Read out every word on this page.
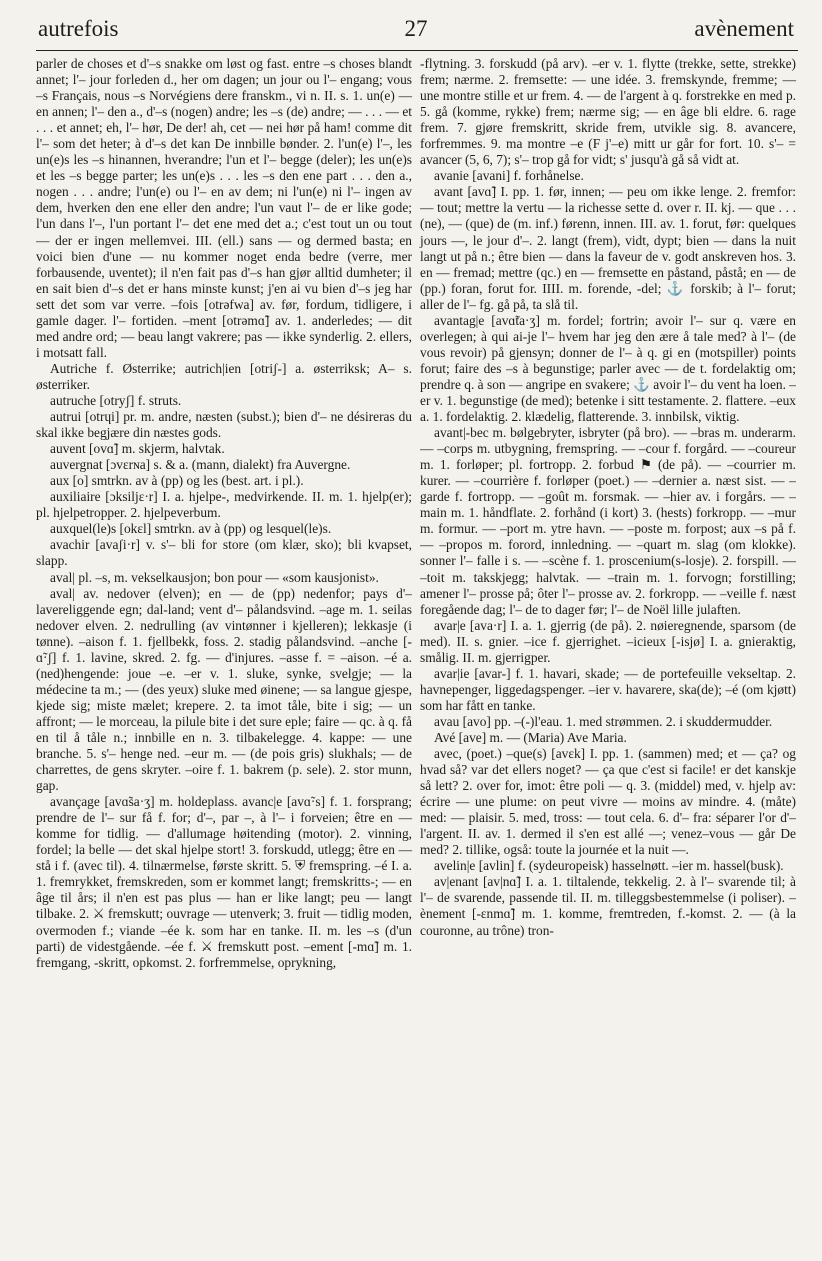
autrefois	27	avènement

parler de choses et d'–s snakke om løst og fast. entre –s choses blandt annet; l'– jour forleden d., her om dagen; un jour ou l'– engang; vous –s Français, nous –s Norvégiens dere franskm., vi n. II. s. 1. un(e) — en annen; l'– den a., d'–s (nogen) andre; les –s (de) andre; — . . . — et . . . et annet; eh, l'– hør, De der! ah, cet — nei hør på ham! comme dit l'– som det heter; à d'–s det kan De innbille bønder. 2. l'un(e) l'–, les un(e)s les –s hinannen, hverandre; l'un et l'– begge (deler); les un(e)s et les –s begge parter; les un(e)s . . . les –s den ene part . . . den a., nogen . . . andre; l'un(e) ou l'– en av dem; ni l'un(e) ni l'– ingen av dem, hverken den ene eller den andre; l'un vaut l'– de er like gode; l'un dans l'–, l'un portant l'– det ene med det a.; c'est tout un ou tout — der er ingen mellemvei. III. (ell.) sans — og dermed basta; en voici bien d'une — nu kommer noget enda bedre (verre, mer forbausende, uventet); il n'en fait pas d'–s han gjør alltid dumheter; il en sait bien d'–s det er hans minste kunst; j'en ai vu bien d'–s jeg har sett det som var verre. –fois [otrǝfwa] av. før, fordum, tidligere, i gamle dager. l'– fortiden. –ment [otrǝmɑ̃] av. 1. anderledes; — dit med andre ord; — beau langt vakrere; pas — ikke synderlig. 2. ellers, i motsatt fall.

Autriche f. Østerrike; autrich|ien [otriʃ-] a. østerriksk; A– s. østerriker.

autruche [otryʃ] f. struts.

autrui [otrɥi] pr. m. andre, næsten (subst.); bien d'– ne désireras du skal ikke begjære din næstes gods.

auvent [ovɑ̃] m. skjerm, halvtak.

auvergnat [ɔvɛrɴa] s. & a. (mann, dialekt) fra Auvergne.

aux [o] smtrkn. av à (pp) og les (best. art. i pl.).

auxiliaire [ɔksiljɛ·r] I. a. hjelpe-, medvirkende. II. m. 1. hjelp(er); pl. hjelpetropper. 2. hjelpeverbum.

auxquel(le)s [okɛl] smtrkn. av à (pp) og lesquel(le)s.

avachir [avaʃi·r] v. s'– bli for store (om klær, sko); bli kvapset, slapp.

aval| pl. –s, m. vekselkausjon; bon pour — «som kausjonist».

aval| av. nedover (elven); en — de (pp) nedenfor; pays d'– lavereliggende egn; dal-land; vent d'– pålandsvind. –age m. 1. seilas nedover elven. 2. nedrulling (av vintønner i kjelleren); lekkasje (i tønne). –aison f. 1. fjellbekk, foss. 2. stadig pålandsvind. –anche [-ɑ̃·ʃ] f. 1. lavine, skred. 2. fg. — d'injures. –asse f. = –aison. –é a. (ned)hengende: joue –e. –er v. 1. sluke, synke, svelgje; — la médecine ta m.; — (des yeux) sluke med øinene; — sa langue gjespe, kjede sig; miste mælet; krepere. 2. ta imot tåle, bite i sig; — un affront; — le morceau, la pilule bite i det sure eple; faire — qc. à q. få en til å tåle n.; innbille en n. 3. tilbakelegge. 4. kappe: — une branche. 5. s'– henge ned. –eur m. — (de pois gris) slukhals; — de charrettes, de gens skryter. –oire f. 1. bakrem (p. sele). 2. stor munn, gap.

avançage [avɑ̃sa·ʒ] m. holdeplass. avanc|e [avɑ̃·s] f. 1. forsprang; prendre de l'– sur få f. for; d'–, par –, à l'– i forveien; être en — komme for tidlig. — d'allumage høitending (motor). 2. vinning, fordel; la belle — det skal hjelpe stort! 3. forskudd, utlegg; être en — stå i f. (avec til). 4. tilnærmelse, første skritt. 5. ⛨ fremspring. –é I. a. 1. fremrykket, fremskreden, som er kommet langt; fremskritts-; — en âge til års; il n'en est pas plus — han er like langt; peu — langt tilbake. 2. ⚔ fremskutt; ouvrage — utenverk; 3. fruit — tidlig moden, overmoden f.; viande –ée k. som har en tanke. II. m. les –s (d'un parti) de videstgående. –ée f. ⚔ fremskutt post. –ement [-mɑ̃] m. 1. fremgang, -skritt, opkomst. 2. forfremmelse, oprykning,

-flytning. 3. forskudd (på arv). –er v. 1. flytte (trekke, sette, strekke) frem; nærme. 2. fremsette: — une idée. 3. fremskynde, fremme; — une montre stille et ur frem. 4. — de l'argent à q. forstrekke en med p. 5. gå (komme, rykke) frem; nærme sig; — en âge bli eldre. 6. rage frem. 7. gjøre fremskritt, skride frem, utvikle sig. 8. avancere, forfremmes. 9. ma montre –e (F j'–e) mitt ur går for fort. 10. s'– = avancer (5, 6, 7); s'– trop gå for vidt; s' jusqu'à gå så vidt at.

avanie [avani] f. forhånelse.

avant [avɑ̃] I. pp. 1. før, innen; — peu om ikke lenge. 2. fremfor: — tout; mettre la vertu — la richesse sette d. over r. II. kj. — que . . . (ne), — (que) de (m. inf.) førenn, innen. III. av. 1. forut, før: quelques jours —, le jour d'–. 2. langt (frem), vidt, dypt; bien — dans la nuit langt ut på n.; être bien — dans la faveur de v. godt anskreven hos. 3. en — fremad; mettre (qc.) en — fremsette en påstand, påstå; en — de (pp.) foran, forut for. IIII. m. forende, -del; ⚓ forskib; à l'– forut; aller de l'– fg. gå på, ta slå til.

avantag|e [avɑ̃ta·ʒ] m. fordel; fortrin; avoir l'– sur q. være en overlegen; à qui ai-je l'– hvem har jeg den ære å tale med? à l'– (de vous revoir) på gjensyn; donner de l'– à q. gi en (motspiller) points forut; faire des –s à begunstige; parler avec — de t. fordelaktig om; prendre q. à son — angripe en svakere; ⚓ avoir l'– du vent ha loen. –er v. 1. begunstige (de med); betenke i sitt testamente. 2. flattere. –eux a. 1. fordelaktig. 2. klædelig, flatterende. 3. innbilsk, viktig.

avant|-bec m. bølgebryter, isbryter (på bro). — –bras m. underarm. — –corps m. utbygning, fremspring. — –cour f. forgård. — –coureur m. 1. forløper; pl. fortropp. 2. forbud ⚑ (de på). — –courrier m. kurer. — –courrière f. forløper (poet.) — –dernier a. næst sist. — –garde f. fortropp. — –goût m. forsmak. — –hier av. i forgårs. — –main m. 1. håndflate. 2. forhånd (i kort) 3. (hests) forkropp. — –mur m. formur. — –port m. ytre havn. — –poste m. forpost; aux –s på f. — –propos m. forord, innledning. — –quart m. slag (om klokke). sonner l'– falle i s. — –scène f. 1. proscenium(s-losje). 2. forspill. — –toit m. takskjegg; halvtak. — –train m. 1. forvogn; forstilling; amener l'– prosse på; ôter l'– prosse av. 2. forkropp. — –veille f. næst foregående dag; l'– de to dager før; l'– de Noël lille julaften.

avar|e [ava·r] I. a. 1. gjerrig (de på). 2. nøieregnende, sparsom (de med). II. s. gnier. –ice f. gjerrighet. –icieux [-isjø] I. a. gnieraktig, smålig. II. m. gjerrigper.

avar|ie [avar-] f. 1. havari, skade; — de portefeuille vekseltap. 2. havnepenger, liggedagspenger. –ier v. havarere, ska(de); –é (om kjøtt) som har fått en tanke.

avau [avo] pp. –(-)l'eau. 1. med strømmen. 2. i skuddermudder.

Avé [ave] m. — (Maria) Ave Maria.

avec, (poet.) –que(s) [avɛk] I. pp. 1. (sammen) med; et — ça? og hvad så? var det ellers noget? — ça que c'est si facile! er det kanskje så lett? 2. over for, imot: être poli — q. 3. (middel) med, v. hjelp av: écrire — une plume: on peut vivre — moins av mindre. 4. (måte) med: — plaisir. 5. med, tross: — tout cela. 6. d'– fra: séparer l'or d'– l'argent. II. av. 1. dermed il s'en est allé —; venez–vous — går De med? 2. tillike, også: toute la journée et la nuit —.

avelin|e [avlin] f. (sydeuropeisk) hasselnøtt. –ier m. hassel(busk).

av|enant [av|nɑ̃] I. a. 1. tiltalende, tekkelig. 2. à l'– svarende til; à l'– de svarende, passende til. II. m. tilleggsbestemmelse (i poliser). –ènement [-ɛnmɑ̃] m. 1. komme, fremtreden, f.-komst. 2. — (à la couronne, au trône) tron-
